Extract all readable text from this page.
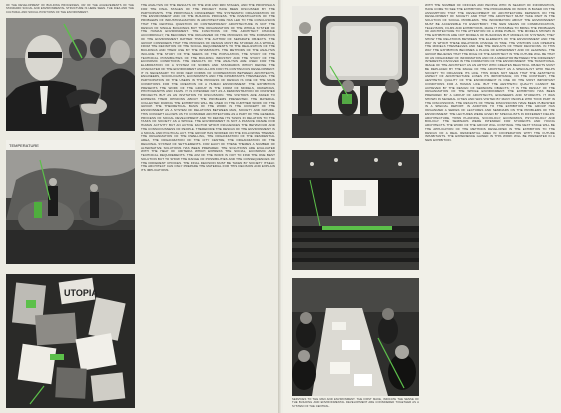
OF THE DEVELOPMENT OF BUILDING PROCESSES, OR OF THE ACHIEVEMENTS OF THE STANDARD SOCIAL AND ENVIRONMENTAL STRUCTURE IS HERE SEEN. THE IDEA AND THE CULTURAL AND SOCIAL POSITIONS OF THE ENVIRONMENT.

TEMPERATURE
UTOPIA

THE ANALYSIS OF THE RESULTS OF THE 2ND AND 3RD STAGES, AND THE PROPOSALS FOR THE FINAL STAGES OF THE PROJECT HAVE BEEN DISCUSSED BY THE PARTICIPANTS. THE PROPOSALS CONCERNED THE SYSTEMATIC ORGANIZATION OF THE ENVIRONMENT AND OF THE BUILDING PROCESS. THE INVESTIGATION OF THE PROBLEMS OF INDUSTRIALIZATION IN ARCHITECTURE HAS LED TO THE CONCLUSION THAT THE CENTRAL QUESTION OF CONTEMPORARY ARCHITECTURE IS NOT THE DESIGN OF SINGLE BUILDINGS BUT THE ORGANIZATION OF THE WHOLE SYSTEM OF THE HUMAN ENVIRONMENT. THE FUNCTIONS OF THE ARCHITECT CHANGE ACCORDINGLY; HE BECOMES THE ORGANIZER OF THE PROCESS OF THE FORMATION OF THE ENVIRONMENT RATHER THAN THE AUTHOR OF SEPARATE OBJECTS. THE GROUP CONSIDERS THAT THE PROCESS OF DESIGN MUST BE STUDIED AS A WHOLE, FROM THE DEFINITION OF THE SOCIAL REQUIREMENTS TO THE REALIZATION OF THE BUILDINGS AND THEIR USE BY THE INHABITANTS. THE METHODS OF THE ANALYSIS INCLUDE THE STUDY OF THE NEEDS OF THE POPULATION, THE STUDY OF THE TECHNICAL POSSIBILITIES OF THE BUILDING INDUSTRY AND THE STUDY OF THE ECONOMIC CONDITIONS. THE RESULTS OF THE ANALYSIS ARE USED FOR THE ELABORATION OF A SYSTEM OF NORMS AND STANDARDS WHICH DEFINE THE CHARACTER OF THE ENVIRONMENT AND ALLOW FOR ITS CONTINUOUS DEVELOPMENT. IT IS NECESSARY TO FIND NEW FORMS OF COOPERATION BETWEEN ARCHITECTS, ENGINEERS, SOCIOLOGISTS, ECONOMISTS AND THE INHABITANTS THEMSELVES. THE PARTICIPATION OF THE USERS IN THE PROCESS OF DESIGN IS ONE OF THE MAIN CONDITIONS FOR THE CREATION OF A HUMAN ENVIRONMENT. THE EXHIBITION PRESENTS THE WORK OF THE GROUP IN THE FORM OF MODELS, DRAWINGS, PHOTOGRAPHS AND FILMS. IT IS INTENDED NOT AS A DEMONSTRATION OF FINISHED PROJECTS BUT AS AN INVITATION TO DISCUSSION. THE VISITORS ARE ASKED TO EXPRESS THEIR OPINIONS ABOUT THE PROBLEMS PRESENTED. THE MATERIAL COLLECTED DURING THE EXHIBITION WILL BE USED IN THE FURTHER WORK OF THE GROUP. THE THEORETICAL BASIS OF THE WORK IS THE CONCEPT OF THE ENVIRONMENT AS A SYSTEM OF RELATIONS BETWEEN MAN, SOCIETY AND NATURE. THIS CONCEPT ALLOWS US TO CONSIDER ARCHITECTURE AS A PART OF THE GENERAL PROCESS OF SOCIAL DEVELOPMENT AND TO DEFINE ITS TASKS IN RELATION TO THE TASKS OF SOCIETY AS A WHOLE. THE ENVIRONMENT IS NOT A PASSIVE FRAME FOR HUMAN ACTIVITY BUT AN ACTIVE FACTOR WHICH INFLUENCES THE BEHAVIOUR AND THE CONSCIOUSNESS OF PEOPLE. THEREFORE THE DESIGN OF THE ENVIRONMENT IS A SOCIAL AND POLITICAL ACT. THE GROUP HAS WORKED ON THE FOLLOWING THEMES: THE ORGANIZATION OF THE DWELLING, THE ORGANIZATION OF THE RESIDENTIAL AREA, THE ORGANIZATION OF THE CITY CENTRE, THE ORGANIZATION OF THE REGIONAL SYSTEM OF SETTLEMENTS. FOR EACH OF THESE THEMES A NUMBER OF ALTERNATIVE SOLUTIONS HAS BEEN PREPARED. THE SOLUTIONS ARE EVALUATED WITH THE HELP OF CRITERIA WHICH EXPRESS THE SOCIAL, ECONOMIC AND TECHNICAL REQUIREMENTS. THE AIM OF THE WORK IS NOT TO FIND THE ONE BEST SOLUTION BUT TO SHOW THE RANGE OF POSSIBILITIES AND THE CONSEQUENCES OF THE DIFFERENT CHOICES. THE FINAL DECISION MUST BE TAKEN BY SOCIETY ITSELF. THE ARCHITECT CAN ONLY PREPARE THE MATERIAL FOR THIS DECISION AND EXPLAIN ITS IMPLICATIONS.

SERVICES TO THE MAN AND ENVIRONMENT. THE FIRST MAKE, INDICATE THE SENSE OF THE BUILDING AND ENVIRONMENTAL DEVELOPMENT ARE CONSIDERED TOGETHER AS A SYSTEM OF THE CENTRAL.

WITH THE NUMBER OF OFFICES AND PEOPLE WHO IN SEARCH OF INFORMATION, HAVE COME TO SEE THE EXHIBITION. THE PROGRAMME OF WORK IS BASED ON THE ASSUMPTION THAT THE DEVELOPMENT OF ARCHITECTURE DEPENDS ON THE DEVELOPMENT OF SOCIETY AND THAT THE ARCHITECT MUST TAKE PART IN THE SOLUTION OF SOCIAL PROBLEMS. THE INFORMATION ABOUT THE ENVIRONMENT MUST BE ACCESSIBLE TO EVERYBODY. THE NEW MEANS OF COMMUNICATION, TELEVISION, FILMS AND EXHIBITIONS, MAKE IT POSSIBLE TO BRING THE PROBLEMS OF ARCHITECTURE TO THE ATTENTION OF A WIDE PUBLIC. THE MODELS SHOWN IN THE EXHIBITION ARE NOT MODELS OF BUILDINGS BUT MODELS OF SYSTEMS; THEY SHOW THE RELATIONS BETWEEN THE ELEMENTS OF THE ENVIRONMENT AND THE WAY IN WHICH THESE RELATIONS CHANGE IN TIME. THE VISITORS CAN OPERATE THE MODELS THEMSELVES AND SEE THE RESULTS OF THEIR DECISIONS. IN THIS WAY THE EXHIBITION BECOMES A PLACE OF EXPERIMENT AND OF LEARNING. THE GROUP BELIEVES THAT THE ROLE OF THE ARCHITECT IN THE FUTURE WILL BE THAT OF AN ORGANIZER OF INFORMATION AND OF A MEDIATOR BETWEEN THE DIFFERENT INTERESTS INVOLVED IN THE FORMATION OF THE ENVIRONMENT. THE TRADITIONAL IMAGE OF THE ARCHITECT AS AN ARTIST WHO CREATES BEAUTIFUL OBJECTS MUST BE REPLACED BY THE IMAGE OF THE ARCHITECT AS A SPECIALIST WHO HELPS SOCIETY TO ORGANIZE ITS LIFE. THIS DOES NOT MEAN THAT THE AESTHETIC ASPECT OF ARCHITECTURE LOSES ITS IMPORTANCE; ON THE CONTRARY, THE AESTHETIC QUALITY OF THE ENVIRONMENT IS ONE OF THE MOST IMPORTANT CONDITIONS FOR A HUMAN LIFE. BUT THE AESTHETIC QUALITY CANNOT BE ACHIEVED BY THE DESIGN OF SEPARATE OBJECTS; IT IS THE RESULT OF THE ORGANIZATION OF THE WHOLE ENVIRONMENT. THE EXHIBITION HAS BEEN PREPARED BY A GROUP OF ARCHITECTS, ENGINEERS AND STUDENTS. IT WAS SHOWN IN SEVERAL CITIES AND WAS VISITED BY MANY PEOPLE WHO TOOK PART IN THE DISCUSSIONS. THE RESULTS OF THESE DISCUSSIONS HAVE BEEN PUBLISHED IN A SPECIAL REPORT. IN ADDITION TO THE EXHIBITION THE GROUP HAS ORGANIZED A SERIES OF LECTURES AND SEMINARS ON THE PROBLEMS OF THE ENVIRONMENT. THE LECTURES WERE GIVEN BY SPECIALISTS IN DIFFERENT FIELDS: ARCHITECTURE, TOWN PLANNING, SOCIOLOGY, ECONOMICS, PSYCHOLOGY AND BIOLOGY. THE SEMINARS WERE INTENDED FOR STUDENTS AND YOUNG ARCHITECTS. THE WORK OF THE GROUP WILL CONTINUE. THE NEXT STAGE WILL BE THE APPLICATION OF THE METHODS DEVELOPED IN THE EXHIBITION TO THE DESIGN OF A REAL RESIDENTIAL AREA IN COOPERATION WITH THE FUTURE INHABITANTS. THE EXPERIENCE GAINED IN THIS WORK WILL BE PRESENTED IN A NEW EXHIBITION.
